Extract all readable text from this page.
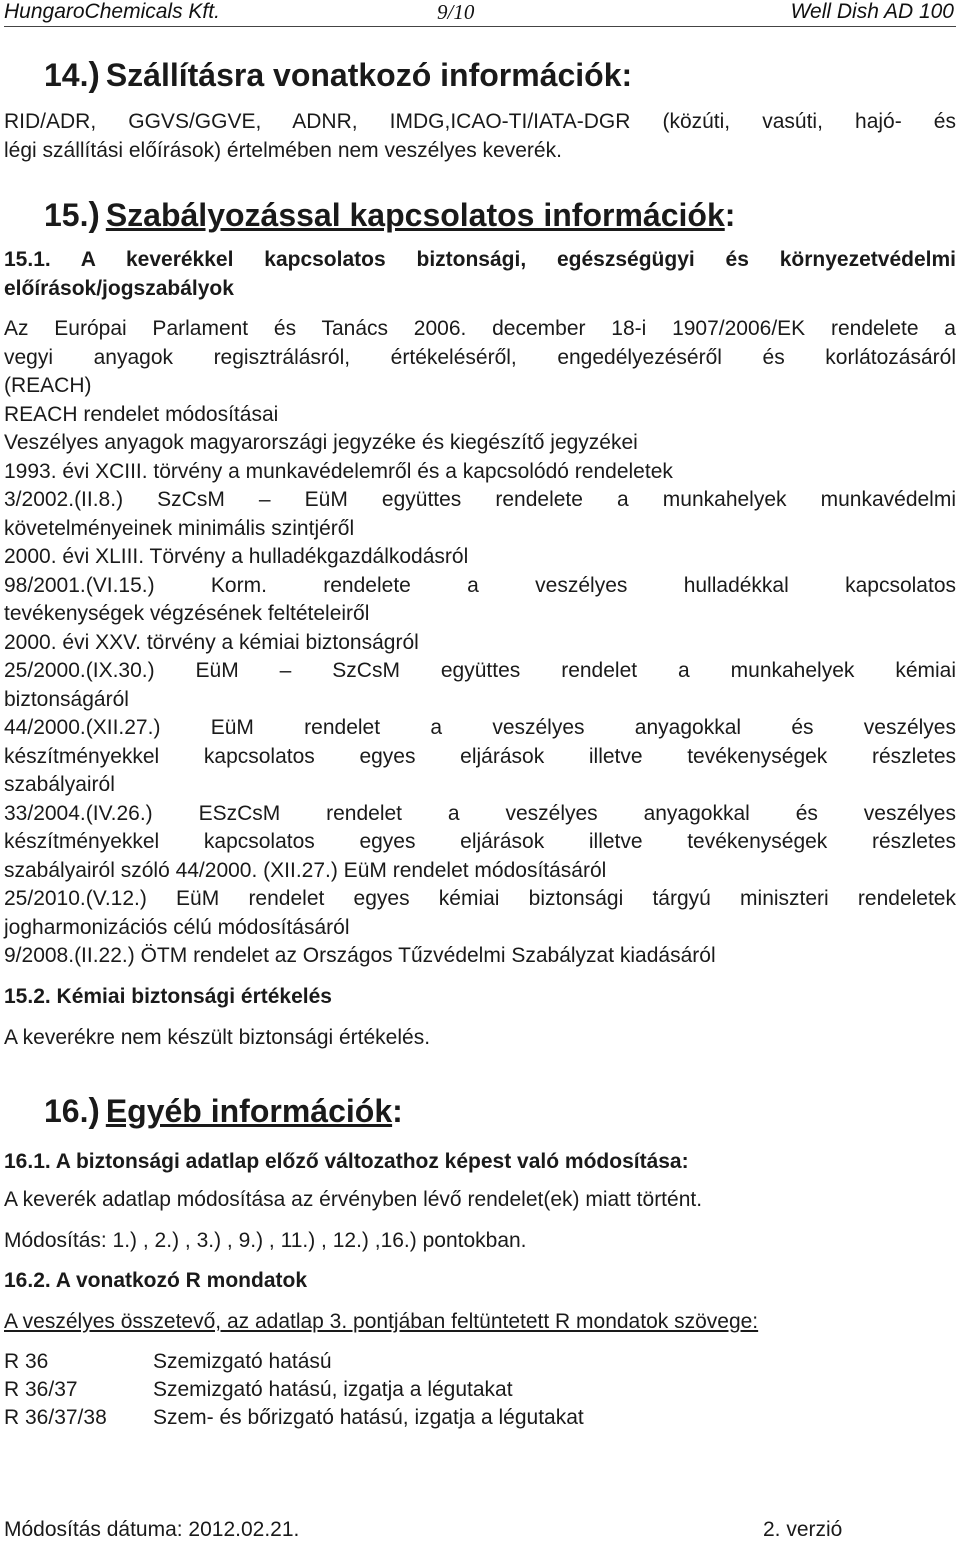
HungaroChemicals Kft.	9/10	Well Dish AD 100
14.) Szállításra vonatkozó információk:
RID/ADR, GGVS/GGVE, ADNR, IMDG,ICAO-TI/IATA-DGR (közúti, vasúti, hajó- és
légi szállítási előírások) értelmében nem veszélyes keverék.
15.) Szabályozással kapcsolatos információk:
15.1. A keverékkel kapcsolatos biztonsági, egészségügyi és környezetvédelmi
előírások/jogszabályok
Az Európai Parlament és Tanács 2006. december 18-i 1907/2006/EK rendelete a
vegyi anyagok regisztrálásról, értékeléséről, engedélyezéséről és korlátozásáról
(REACH)
REACH rendelet módosításai
Veszélyes anyagok magyarországi jegyzéke és kiegészítő jegyzékei
1993. évi XCIII. törvény a munkavédelemről és a kapcsolódó rendeletek
3/2002.(II.8.) SzCsM – EüM együttes rendelete a munkahelyek munkavédelmi
követelményeinek minimális szintjéről
2000. évi XLIII. Törvény a hulladékgazdálkodásról
98/2001.(VI.15.) Korm. rendelete a veszélyes hulladékkal kapcsolatos
tevékenységek végzésének feltételeiről
2000. évi XXV. törvény a kémiai biztonságról
25/2000.(IX.30.) EüM – SzCsM együttes rendelet a munkahelyek kémiai
biztonságáról
44/2000.(XII.27.) EüM rendelet a veszélyes anyagokkal és veszélyes
készítményekkel kapcsolatos egyes eljárások illetve tevékenységek részletes
szabályairól
33/2004.(IV.26.) ESzCsM rendelet a veszélyes anyagokkal és veszélyes
készítményekkel kapcsolatos egyes eljárások illetve tevékenységek részletes
szabályairól szóló 44/2000. (XII.27.) EüM rendelet módosításáról
25/2010.(V.12.) EüM rendelet egyes kémiai biztonsági tárgyú miniszteri rendeletek
jogharmonizációs célú módosításáról
9/2008.(II.22.) ÖTM rendelet az Országos Tűzvédelmi Szabályzat kiadásáról
15.2. Kémiai biztonsági értékelés
A keverékre nem készült biztonsági értékelés.
16.) Egyéb információk:
16.1. A biztonsági adatlap előző változathoz képest való módosítása:
A keverék adatlap módosítása az érvényben lévő rendelet(ek) miatt történt.
Módosítás: 1.) , 2.) , 3.) , 9.) , 11.) , 12.) ,16.) pontokban.
16.2. A vonatkozó R mondatok
A veszélyes összetevő, az adatlap 3. pontjában feltüntetett R mondatok szövege:
R 36	Szemizgató hatású
R 36/37	Szemizgató hatású, izgatja a légutakat
R 36/37/38 Szem- és bőrizgató hatású, izgatja a légutakat
Módosítás dátuma: 2012.02.21.	2. verzió
